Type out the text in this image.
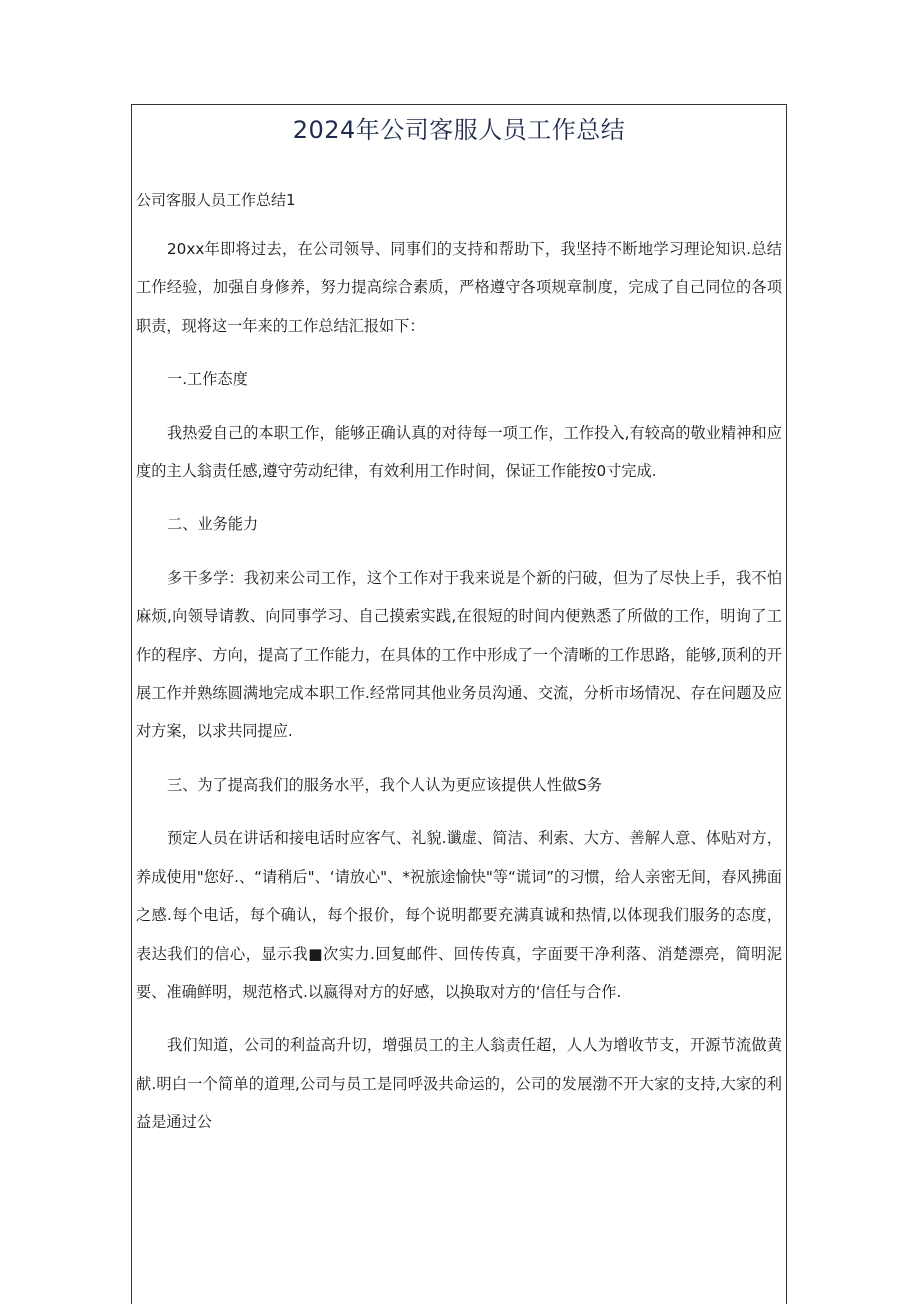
2024年公司客服人员工作总结
公司客服人员工作总结1

20xx年即将过去，在公司领导、同事们的支持和帮助下，我坚持不断地学习理论知识.总结工作经验，加强自身修养，努力提高综合素质，严格遵守各项规章制度，完成了自己同位的各项职责，现将这一年来的工作总结汇报如下：

一.工作态度

我热爱自己的本职工作，能够正确认真的对待每一项工作，工作投入,有较高的敬业精神和应度的主人翁责任感,遵守劳动纪律，有效利用工作时间，保证工作能按0寸完成.

二、业务能力

多干多学：我初来公司工作，这个工作对于我来说是个新的闩破，但为了尽快上手，我不怕麻烦,向领导请教、向同事学习、自己摸索实践,在很短的时间内便熟悉了所做的工作，明询了工作的程序、方向，提高了工作能力，在具体的工作中形成了一个清晰的工作思路，能够,顶利的开展工作并熟练圆满地完成本职工作.经常同其他业务员沟通、交流，分析市场情况、存在问题及应对方案，以求共同提应.

三、为了提高我们的服务水平，我个人认为更应该提供人性做S务

预定人员在讲话和接电话时应客气、礼貌.谶虚、简洁、利索、大方、善解人意、体贴对方，养成使用"您好.、“请稍后"、‘请放心"、*祝旅途愉快"等“谎词”的习惯，给人亲密无间，春风拂面之感.每个电话，每个确认，每个报价，每个说明都要充满真诚和热情,以体现我们服务的态度，表达我们的信心，显示我■次实力.回复邮件、回传传真，字面要干净利落、消楚漂亮，简明泥要、准确鲜明，规范格式.以嬴得对方的好感，以换取对方的‘信任与合作.

我们知道，公司的利益高升切，增强员工的主人翁责任超，人人为增收节支，开源节流做黄献.明白一个简单的道理,公司与员工是同呼汲共命运的，公司的发展渤不开大家的支持,大家的利益是通过公
